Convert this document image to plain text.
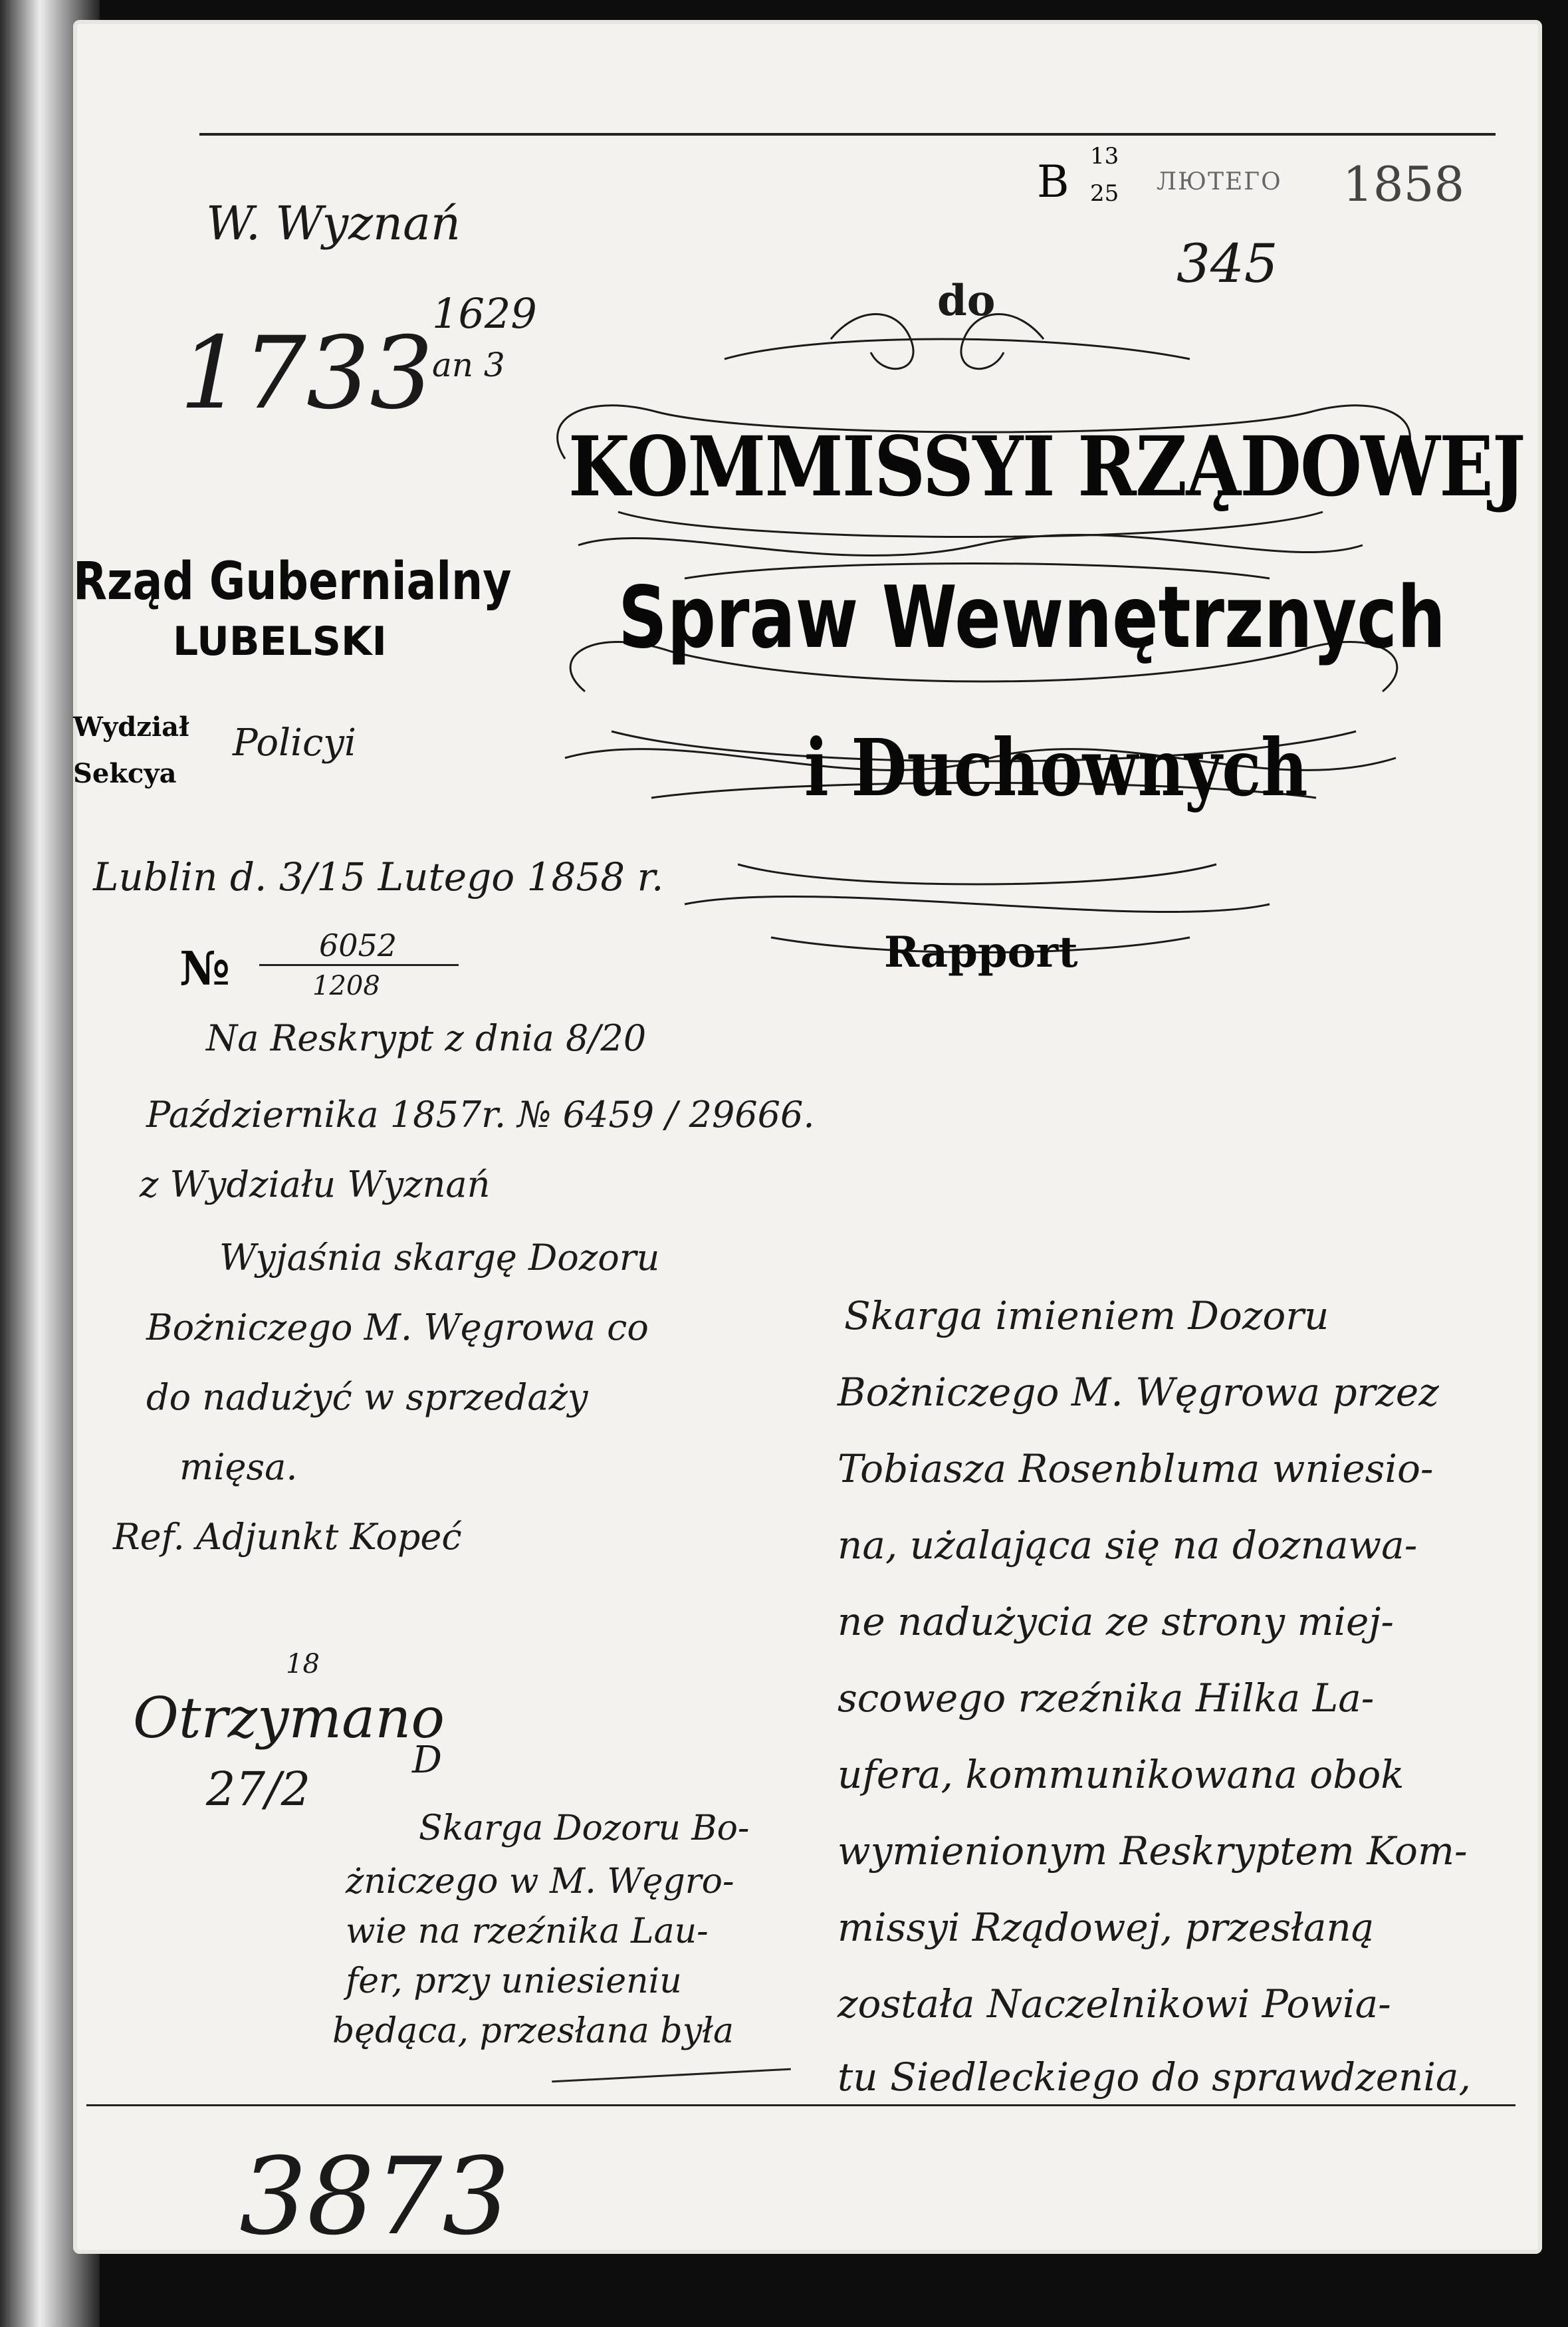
B 13
25 ЛЮТЕГО 1858
345
W. Wyznań
1733
1629
an 3
do
KOMMISSYI RZĄDOWEJ
Spraw Wewnętrznych
i Duchownych
Rapport
Rząd Gubernialny
LUBELSKI
Wydział Policyi
Sekcya
Lublin d. 3/15 Lutego 1858 r.
№	6052
1208
Na Reskrypt z dnia 8/20
Października 1857r. № 6459 / 29666.
z Wydziału Wyznań
Wyjaśnia skargę Dozoru
Bożniczego M. Węgrowa co
do nadużyć w sprzedaży
mięsa.
Ref. Adjunkt Kopeć
Skarga imieniem Dozoru
Bożniczego M. Węgrowa przez
Tobiasza Rosenbluma wniesio-
na, użalająca się na doznawa-
ne nadużycia ze strony miej-
scowego rzeźnika Hilka La-
ufera, kommunikowana obok
wymienionym Reskryptem Kom-
missyi Rządowej, przesłaną
została Naczelnikowi Powia-
tu Siedleckiego do sprawdzenia,
Otrzymano
18
27/2
D
Skarga Dozoru Bo-
żniczego w M. Węgro-
wie na rzeźnika Lau-
fer, przy uniesieniu
będąca, przesłana była
3873
